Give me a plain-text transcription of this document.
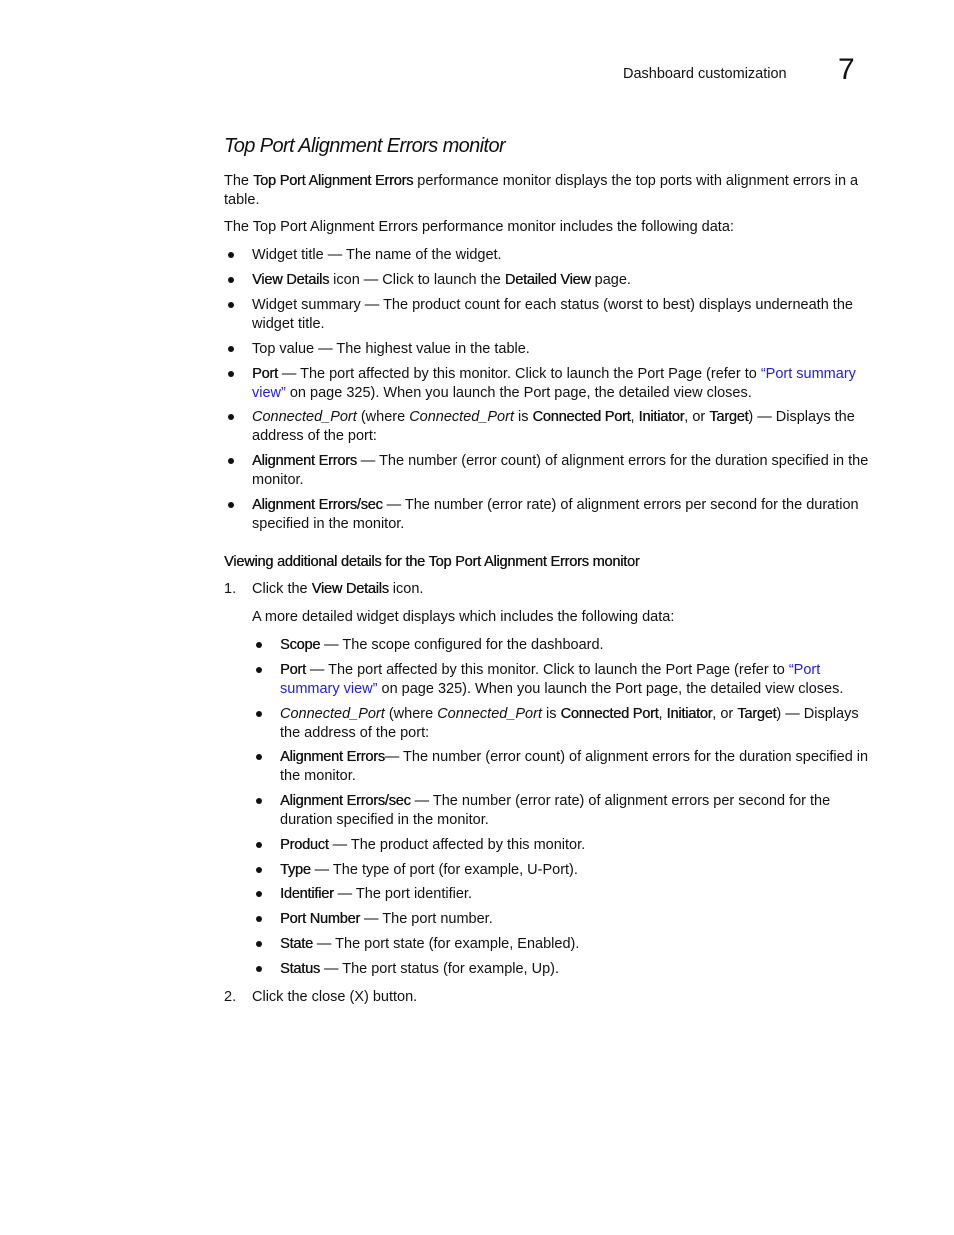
Dashboard customization 7
Top Port Alignment Errors monitor

The Top Port Alignment Errors performance monitor displays the top ports with alignment errors in a table.

The Top Port Alignment Errors performance monitor includes the following data:

Widget title — The name of the widget.

View Details icon — Click to launch the Detailed View page.

Widget summary — The product count for each status (worst to best) displays underneath the widget title.

Top value — The highest value in the table.

Port — The port affected by this monitor. Click to launch the Port Page (refer to “Port summary view” on page 325). When you launch the Port page, the detailed view closes.

Connected_Port (where Connected_Port is Connected Port, Initiator, or Target) — Displays the address of the port:

Alignment Errors — The number (error count) of alignment errors for the duration specified in the monitor.

Alignment Errors/sec — The number (error rate) of alignment errors per second for the duration specified in the monitor.

Viewing additional details for the Top Port Alignment Errors monitor
1. Click the View Details icon.

A more detailed widget displays which includes the following data:

Scope — The scope configured for the dashboard.

Port — The port affected by this monitor. Click to launch the Port Page (refer to “Port summary view” on page 325). When you launch the Port page, the detailed view closes.

Connected_Port (where Connected_Port is Connected Port, Initiator, or Target) — Displays the address of the port:

Alignment Errors— The number (error count) of alignment errors for the duration specified in the monitor.

Alignment Errors/sec — The number (error rate) of alignment errors per second for the duration specified in the monitor.

Product — The product affected by this monitor.

Type — The type of port (for example, U-Port).

Identifier — The port identifier.

Port Number — The port number.

State — The port state (for example, Enabled).

Status — The port status (for example, Up).

2. Click the close (X) button.
